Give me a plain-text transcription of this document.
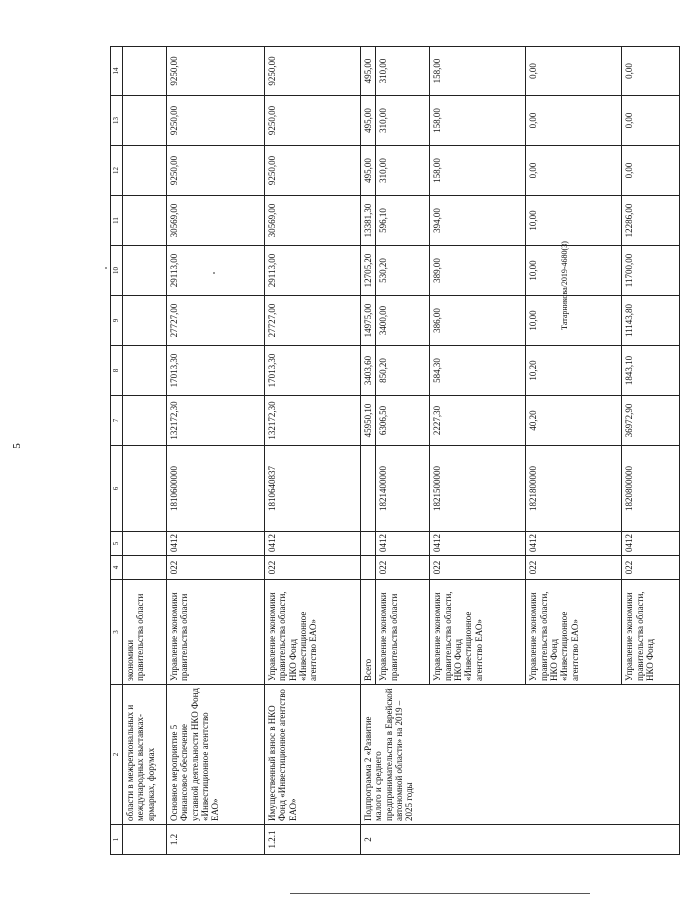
5
Tатарникова/2019-4680(3)
1	2	3	4	5	6	7	8	9	10	11	12	13	14
	области в межрегиональных и международных выставках-ярмарках, форумах	экономики правительства области											
1.2	Основное мероприятие 5 Финансовое обеспечение уставной деятельности НКО Фонд «Инвестиционное агентство ЕАО»	Управление экономики правительства области	022	0412	1810600000	132172,30	17013,30	27727,00	29113,00	30569,00	9250,00	9250,00	9250,00
1.2.1	Имущественный взнос в НКО Фонд «Инвестиционное агентство ЕАО»	Управление экономики правительства области, НКО Фонд «Инвестиционное агентство ЕАО»	022	0412	1810640837	132172,30	17013,30	27727,00	29113,00	30569,00	9250,00	9250,00	9250,00
2	Подпрограмма 2 «Развитие малого и среднего предпринимательства в Еврейской автономной области» на 2019 – 2025 годы	Всего				45950,10	3403,60	14975,00	12705,20	13381,30	495,00	495,00	495,00
		Управление экономики правительства области	022	0412	1821400000	6306,50	850,20	3400,00	530,20	596,10	310,00	310,00	310,00
		Управление экономики правительства области, НКО Фонд «Инвестиционное агентство ЕАО»	022	0412	1821500000	2227,30	584,30	386,00	389,00	394,00	158,00	158,00	158,00
		Управление экономики правительства области, НКО Фонд «Инвестиционное агентство ЕАО»	022	0412	1821800000	40,20	10,20	10,00	10,00	10,00	0,00	0,00	0,00
		Управление экономики правительства области, НКО Фонд	022	0412	1820800000	36972,90	1843,10	11143,80	11700,00	12286,00	0,00	0,00	0,00
